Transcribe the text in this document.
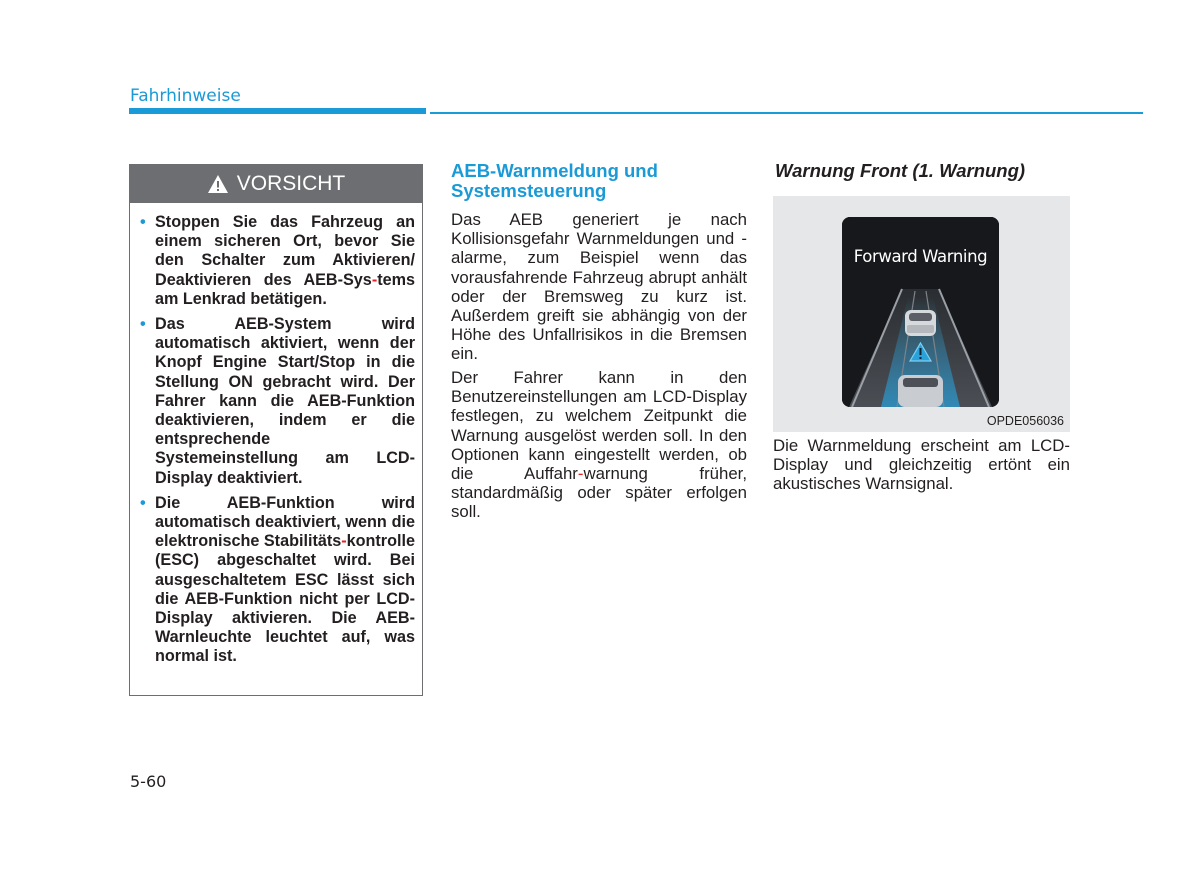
Fahrhinweise
VORSICHT
• Stoppen Sie das Fahrzeug an einem sicheren Ort, bevor Sie den Schalter zum Aktivieren/ Deaktivieren des AEB-Sys-tems am Lenkrad betätigen.
• Das AEB-System wird automatisch aktiviert, wenn der Knopf Engine Start/Stop in die Stellung ON gebracht wird. Der Fahrer kann die AEB-Funktion deaktivieren, indem er die entsprechende Systemeinstellung am LCD-Display deaktiviert.
• Die AEB-Funktion wird automatisch deaktiviert, wenn die elektronische Stabilitäts-kontrolle (ESC) abgeschaltet wird. Bei ausgeschaltetem ESC lässt sich die AEB-Funktion nicht per LCD-Display aktivieren. Die AEB-Warnleuchte leuchtet auf, was normal ist.
AEB-Warnmeldung und
Systemsteuerung
Das AEB generiert je nach Kollisionsgefahr Warnmeldungen und -alarme, zum Beispiel wenn das vorausfahrende Fahrzeug abrupt anhält oder der Bremsweg zu kurz ist. Außerdem greift sie abhängig von der Höhe des Unfallrisikos in die Bremsen ein.
Der Fahrer kann in den Benutzereinstellungen am LCD-Display festlegen, zu welchem Zeitpunkt die Warnung ausgelöst werden soll. In den Optionen kann eingestellt werden, ob die Auffahr-warnung früher, standardmäßig oder später erfolgen soll.
Warnung Front (1. Warnung)
Forward Warning
OPDE056036
Die Warnmeldung erscheint am LCD-Display und gleichzeitig ertönt ein akustisches Warnsignal.
5-60
